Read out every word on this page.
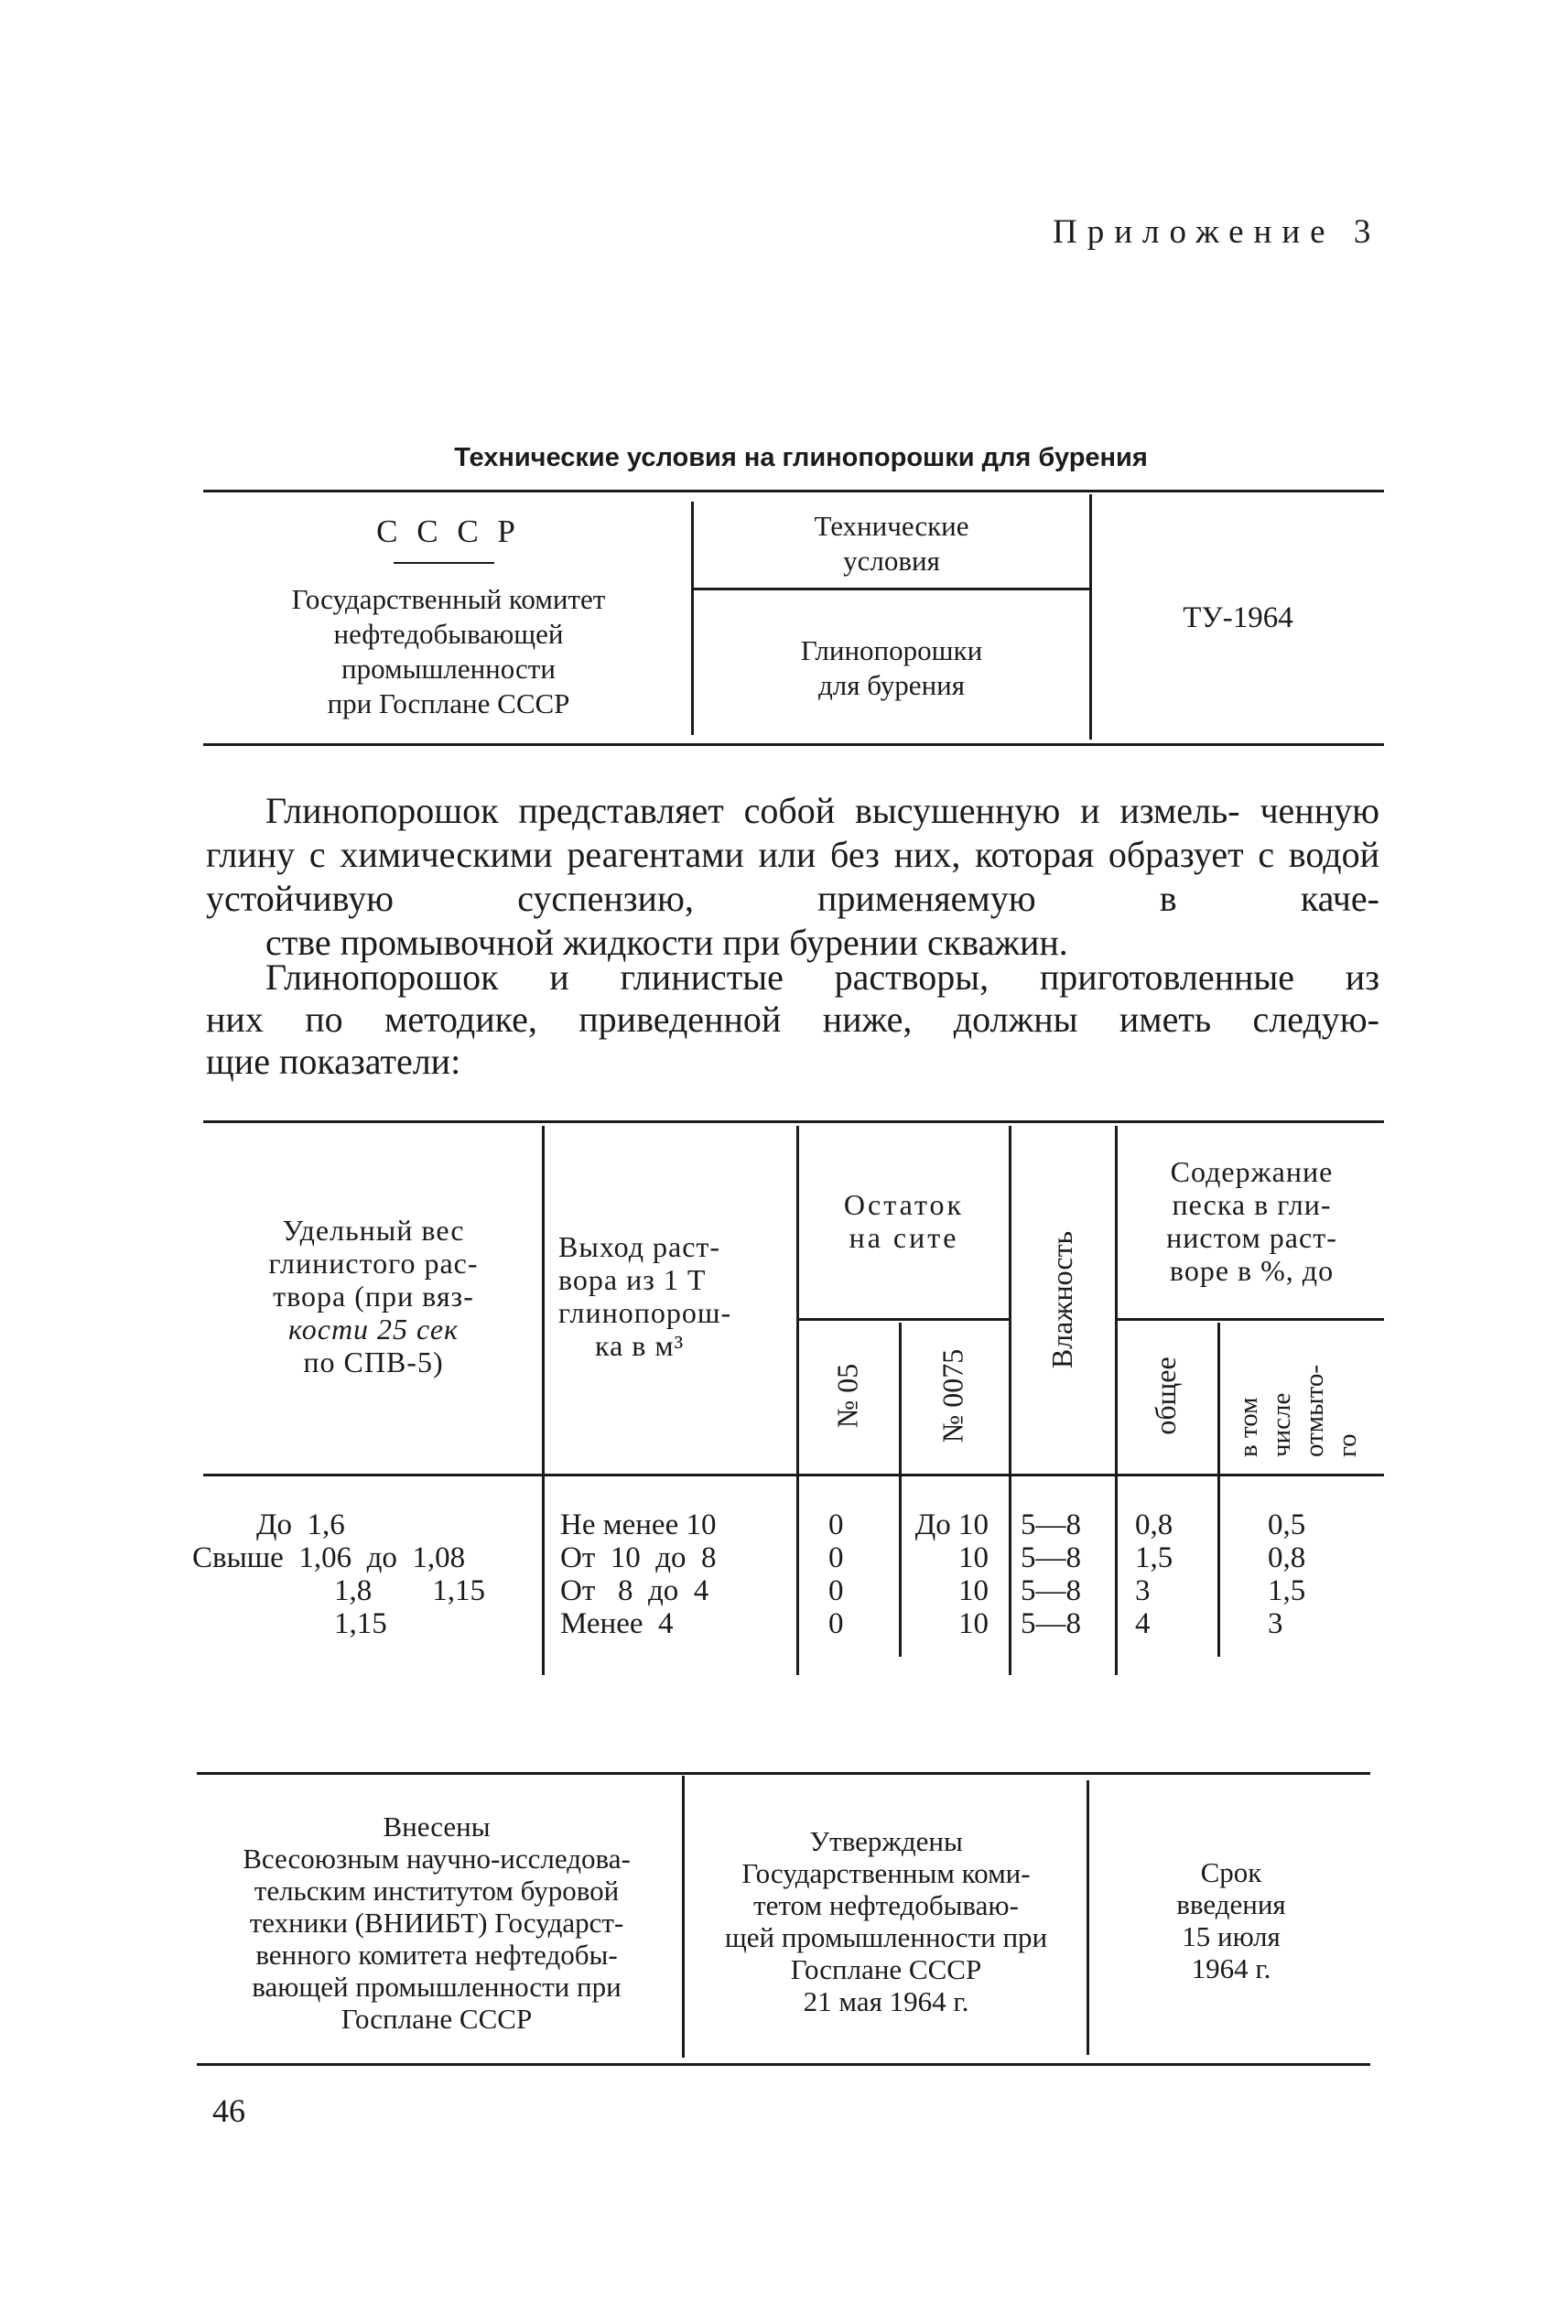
Приложение 3
Технические условия на глинопорошки для бурения
С С С Р
Государственный комитет
нефтедобывающей
промышленности
при Госплане СССР
Технические
условия
Глинопорошки
для бурения
ТУ-1964
Глинопорошок представляет собой высушенную и измель- ченную глину с химическими реагентами или без них, которая образует с водой устойчивую суспензию, применяемую в каче-
стве промывочной жидкости при бурении скважин.
Глинопорошок и глинистые растворы, приготовленные из
них по методике, приведенной ниже, должны иметь следую-
щие показатели:
Удельный вес
глинистого рас-
твора (при вяз-
кости 25 сек
по СПВ-5)
Выход раст-
вора из 1 Т
глинопорош-
ка в м³
Остаток
на сите
№ 05 № 0075
Влажность
Содержание
песка в гли-
нистом раст-
воре в %, до
общее в том числе отмыто- го
До  1,6
Свыше  1,06  до  1,08
1,8        1,15
1,15
Не менее 10
От  10  до  8
От   8  до  4
Менее  4
0
0
0
0
До 10
10
10
10
5—8
5—8
5—8
5—8
0,8
1,5
3
4
0,5
0,8
1,5
3
Внесены
Всесоюзным научно-исследова-
тельским институтом буровой
техники (ВНИИБТ) Государст-
венного комитета нефтедобы-
вающей промышленности при
Госплане СССР
Утверждены
Государственным коми-
тетом нефтедобываю-
щей промышленности при
Госплане СССР
21 мая 1964 г.
Срок
введения
15 июля
1964 г.
46
